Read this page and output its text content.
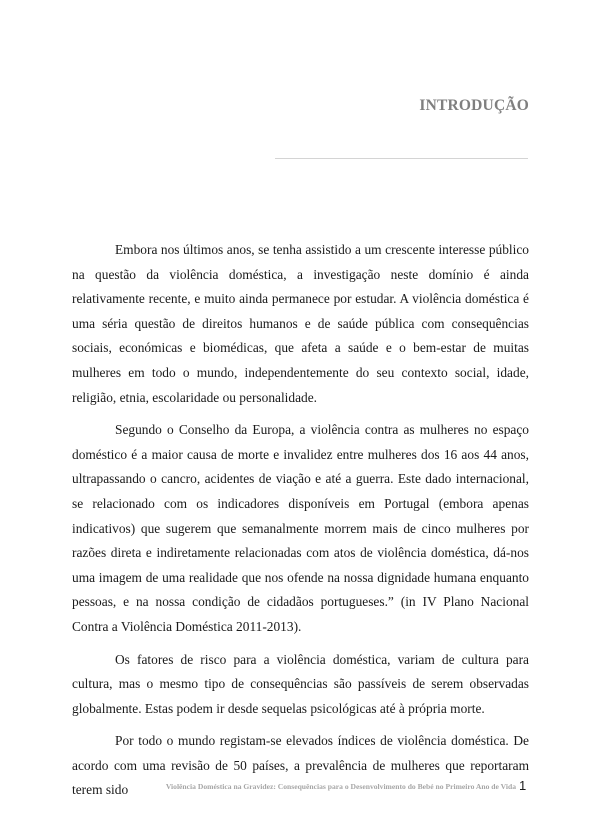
INTRODUÇÃO

Embora nos últimos anos, se tenha assistido a um crescente interesse público na questão da violência doméstica, a investigação neste domínio é ainda relativamente recente, e muito ainda permanece por estudar. A violência doméstica é uma séria questão de direitos humanos e de saúde pública com consequências sociais, económicas e biomédicas, que afeta a saúde e o bem-estar de muitas mulheres em todo o mundo, independentemente do seu contexto social, idade, religião, etnia, escolaridade ou personalidade.

Segundo o Conselho da Europa, a violência contra as mulheres no espaço doméstico é a maior causa de morte e invalidez entre mulheres dos 16 aos 44 anos, ultrapassando o cancro, acidentes de viação e até a guerra. Este dado internacional, se relacionado com os indicadores disponíveis em Portugal (embora apenas indicativos) que sugerem que semanalmente morrem mais de cinco mulheres por razões direta e indiretamente relacionadas com atos de violência doméstica, dá-nos uma imagem de uma realidade que nos ofende na nossa dignidade humana enquanto pessoas, e na nossa condição de cidadãos portugueses.” (in IV Plano Nacional Contra a Violência Doméstica 2011-2013).

Os fatores de risco para a violência doméstica, variam de cultura para cultura, mas o mesmo tipo de consequências são passíveis de serem observadas globalmente. Estas podem ir desde sequelas psicológicas até à própria morte.

Por todo o mundo registam-se elevados índices de violência doméstica. De acordo com uma revisão de 50 países, a prevalência de mulheres que reportaram terem sido	Violência Doméstica na Gravidez: Consequências para o Desenvolvimento do Bebé no Primeiro Ano de Vida 1
